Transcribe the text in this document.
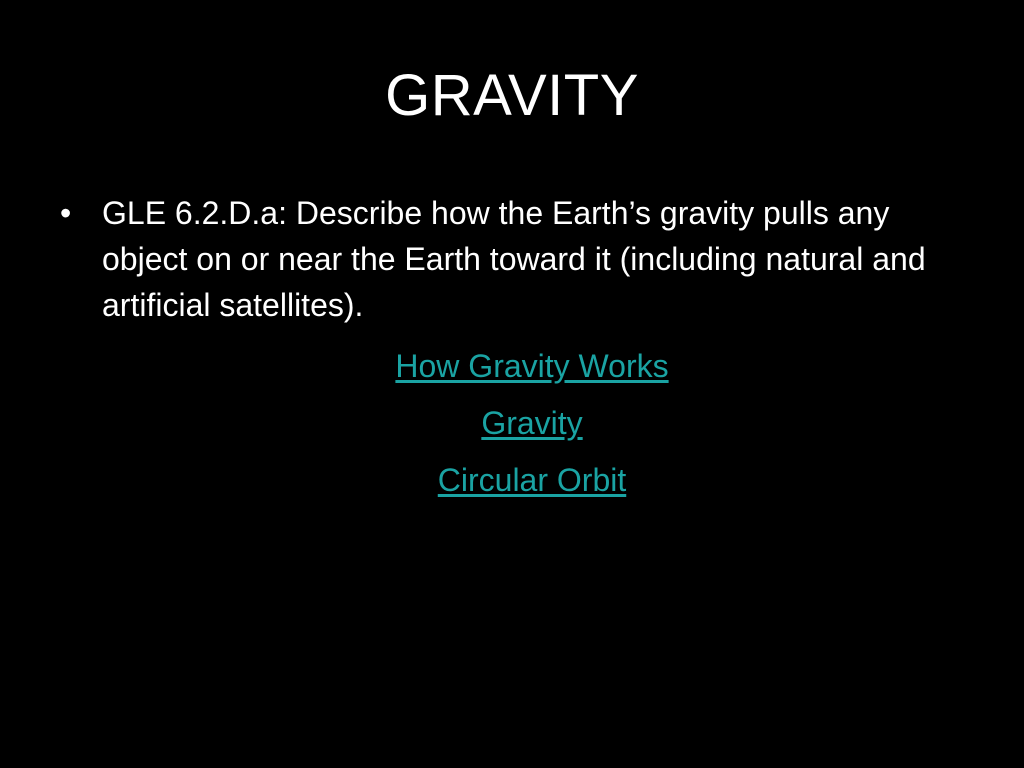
GRAVITY
• GLE 6.2.D.a: Describe how the Earth’s gravity pulls any object on or near the Earth toward it (including natural and artificial satellites).
How Gravity Works
Gravity
Circular Orbit
